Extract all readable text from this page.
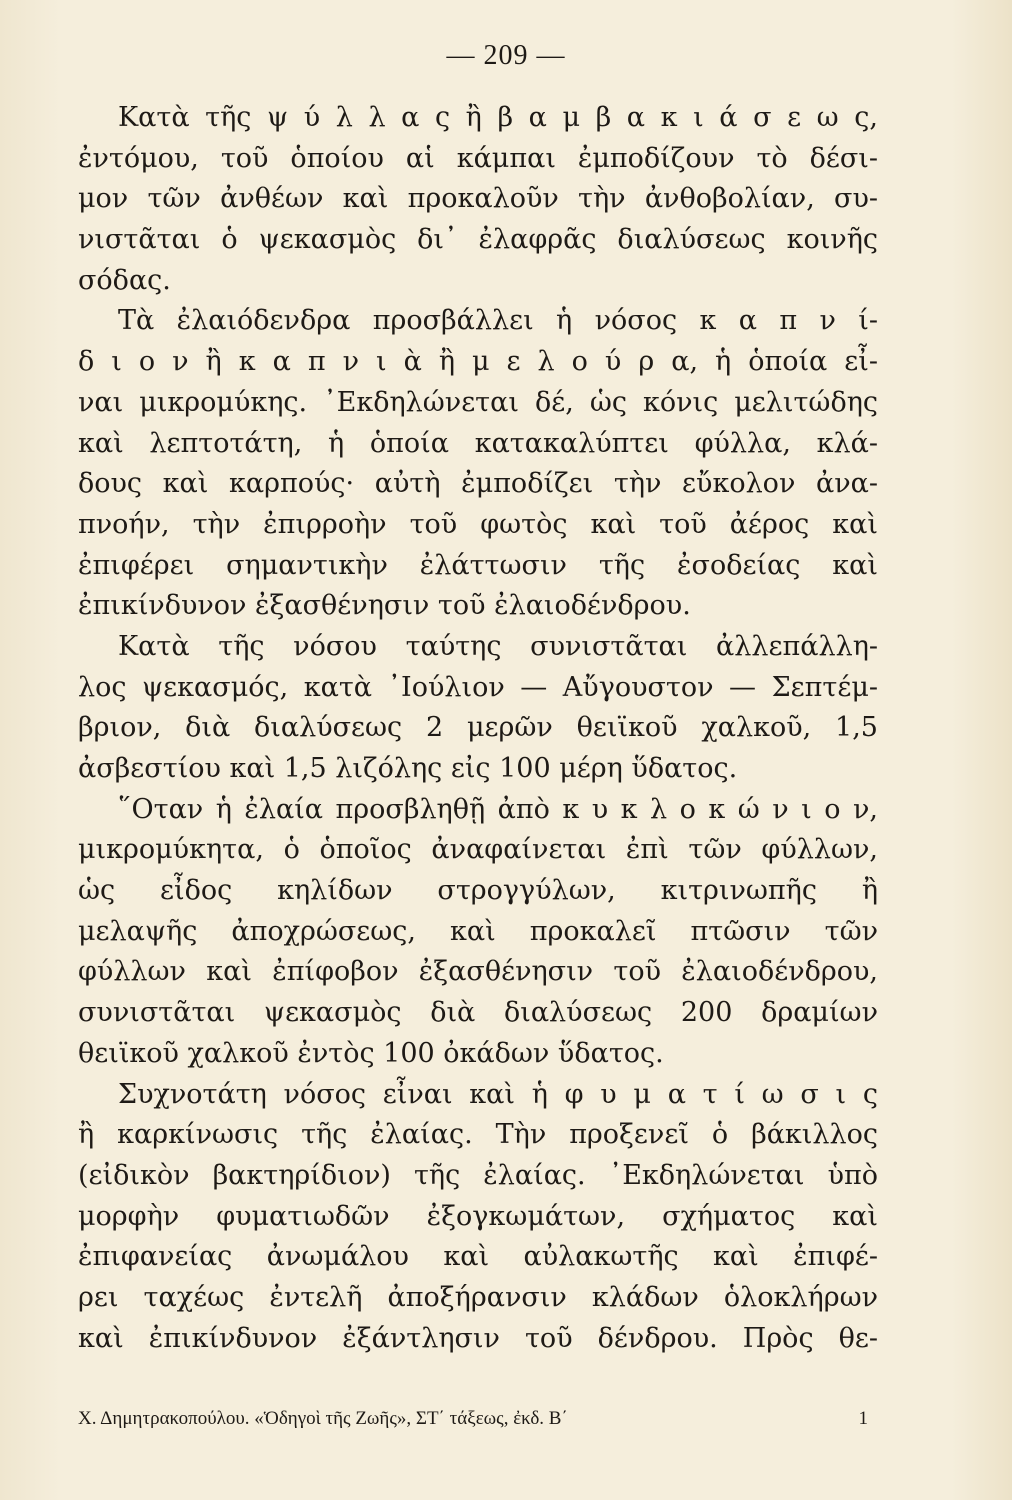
— 209 —
Κατὰ τῆς ψ ύ λ λ α ς ἢ β α μ β α κ ι ά σ ε ω ς,
ἐντόμου, τοῦ ὁποίου αἱ κάμπαι ἐμποδίζουν τὸ δέσι-
μον τῶν ἀνθέων καὶ προκαλοῦν τὴν ἀνθοβολίαν, συ-
νιστᾶται ὁ ψεκασμὸς δι᾽ ἐλαφρᾶς διαλύσεως κοινῆς
σόδας.
Τὰ ἐλαιόδενδρα προσβάλλει ἡ νόσος κ α π ν ί-
δ ι ο ν ἢ κ α π ν ι ὰ ἢ μ ε λ ο ύ ρ α, ἡ ὁποία εἶ-
ναι μικρομύκης. ᾿Εκδηλώνεται δέ, ὡς κόνις μελιτώδης
καὶ λεπτοτάτη, ἡ ὁποία κατακαλύπτει φύλλα, κλά-
δους καὶ καρπούς· αὐτὴ ἐμποδίζει τὴν εὔκολον ἀνα-
πνοήν, τὴν ἐπιρροὴν τοῦ φωτὸς καὶ τοῦ ἀέρος καὶ
ἐπιφέρει σημαντικὴν ἐλάττωσιν τῆς ἐσοδείας καὶ
ἐπικίνδυνον ἐξασθένησιν τοῦ ἐλαιοδένδρου.
Κατὰ τῆς νόσου ταύτης συνιστᾶται ἀλλεπάλλη-
λος ψεκασμός, κατὰ ᾿Ιούλιον — Αὔγουστον — Σεπτέμ-
βριον, διὰ διαλύσεως 2 μερῶν θειϊκοῦ χαλκοῦ, 1,5
ἀσβεστίου καὶ 1,5 λιζόλης εἰς 100 μέρη ὕδατος.
῞Οταν ἡ ἐλαία προσβληθῇ ἀπὸ κ υ κ λ ο κ ώ ν ι ο ν,
μικρομύκητα, ὁ ὁποῖος ἀναφαίνεται ἐπὶ τῶν φύλλων,
ὡς εἶδος κηλίδων στρογγύλων, κιτρινωπῆς ἢ
μελαψῆς ἀποχρώσεως, καὶ προκαλεῖ πτῶσιν τῶν
φύλλων καὶ ἐπίφοβον ἐξασθένησιν τοῦ ἐλαιοδένδρου,
συνιστᾶται ψεκασμὸς διὰ διαλύσεως 200 δραμίων
θειϊκοῦ χαλκοῦ ἐντὸς 100 ὀκάδων ὕδατος.
Συχνοτάτη νόσος εἶναι καὶ ἡ φ υ μ α τ ί ω σ ι ς
ἢ καρκίνωσις τῆς ἐλαίας. Τὴν προξενεῖ ὁ βάκιλλος
(εἰδικὸν βακτηρίδιον) τῆς ἐλαίας. ᾿Εκδηλώνεται ὑπὸ
μορφὴν φυματιωδῶν ἐξογκωμάτων, σχήματος καὶ
ἐπιφανείας ἀνωμάλου καὶ αὐλακωτῆς καὶ ἐπιφέ-
ρει ταχέως ἐντελῆ ἀποξήρανσιν κλάδων ὁλοκλήρων
καὶ ἐπικίνδυνον ἐξάντλησιν τοῦ δένδρου. Πρὸς θε-
Χ. Δημητρακοπούλου. «Ὁδηγοὶ τῆς Ζωῆς», ΣΤ΄ τάξεως, ἐκδ. Β΄	1
